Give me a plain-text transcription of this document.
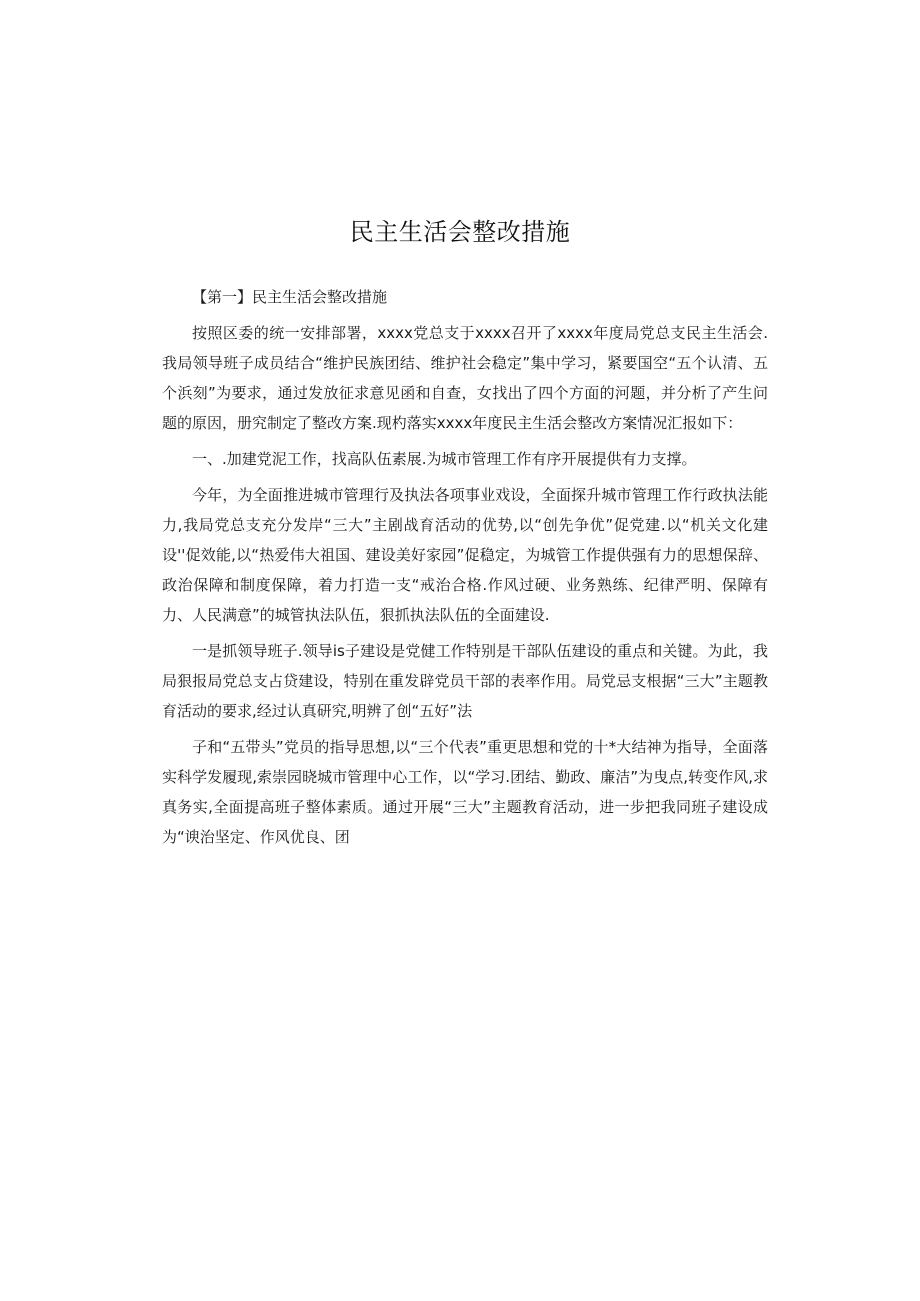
民主生活会整改措施

【第一】民主生活会整改措施

按照区委的统一安排部署，xxxx党总支于xxxx召开了xxxx年度局党总支民主生活会.我局领导班子成员结合“维护民族团结、维护社会稳定”集中学习，紧要国空“五个认清、五个浜刻”为要求，通过发放征求意见函和自查，女找出了四个方面的河题，并分析了产生问题的原因，册究制定了整改方案.现杓落实xxxx年度民主生活会整改方案情况汇报如下：

一、.加建党泥工作，找高队伍素展.为城市管理工作有序开展提供有力支撑。

今年，为全面推进城市管理行及执法各项事业戏设，全面探升城市管理工作行政执法能力,我局党总支充分发岸“三大”主剧战育活动的优势,以“创先争优”促党建.以“机关文化建设''促效能,以“热爱伟大祖国、建设美好家园”促稳定，为城管工作提供强有力的思想保辞、政治保障和制度保障，着力打造一支“戒治合格.作风过硬、业务熟练、纪律严明、保障有力、人民满意”的城管执法队伍，狠抓执法队伍的全面建设.

一是抓领导班子.领导is子建设是党健工作特别是干部队伍建设的重点和关键。为此，我局狠报局党总支占贷建设，特别在重发辟党员干部的表率作用。局党忌支根据“三大”主题教育活动的要求,经过认真研究,明辨了创“五好”法

子和“五带头”党员的指导思想,以“三个代表”重更思想和党的十*大结神为指导，全面落实科学发履现,索崇园晓城市管理中心工作，以“学习.团结、勤政、廉洁”为曳点,转变作风,求真务实,全面提高班子整体素质。通过开展“三大”主题教育活动，进一步把我同班子建设成为“谀治坚定、作风优良、团
